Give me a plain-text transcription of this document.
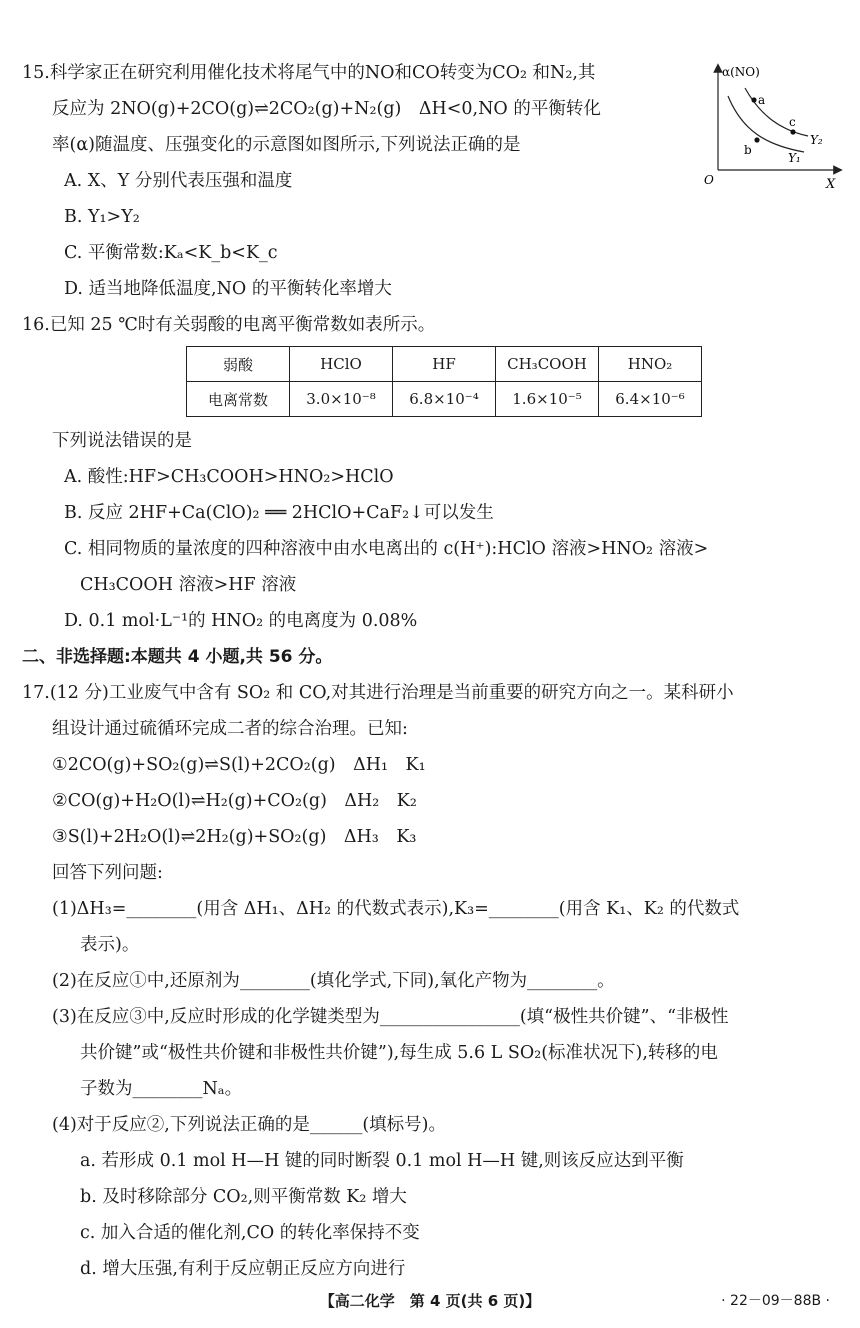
15.科学家正在研究利用催化技术将尾气中的NO和CO转变为CO₂ 和N₂,其
反应为 2NO(g)+2CO(g)⇌2CO₂(g)+N₂(g)　ΔH<0,NO 的平衡转化
率(α)随温度、压强变化的示意图如图所示,下列说法正确的是
A. X、Y 分别代表压强和温度
B. Y₁>Y₂
C. 平衡常数:Kₐ<K_b<K_c
D. 适当地降低温度,NO 的平衡转化率增大
α(NO)
X
O
a
b
c
Y₂
Y₁
16.已知 25 ℃时有关弱酸的电离平衡常数如表所示。
弱酸	HClO	HF	CH₃COOH	HNO₂
电离常数	3.0×10⁻⁸	6.8×10⁻⁴	1.6×10⁻⁵	6.4×10⁻⁶
下列说法错误的是
A. 酸性:HF>CH₃COOH>HNO₂>HClO
B. 反应 2HF+Ca(ClO)₂ ══ 2HClO+CaF₂↓可以发生
C. 相同物质的量浓度的四种溶液中由水电离出的 c(H⁺):HClO 溶液>HNO₂ 溶液>
CH₃COOH 溶液>HF 溶液
D. 0.1 mol·L⁻¹的 HNO₂ 的电离度为 0.08%
二、非选择题:本题共 4 小题,共 56 分。
17.(12 分)工业废气中含有 SO₂ 和 CO,对其进行治理是当前重要的研究方向之一。某科研小
组设计通过硫循环完成二者的综合治理。已知:
①2CO(g)+SO₂(g)⇌S(l)+2CO₂(g)　ΔH₁　K₁
②CO(g)+H₂O(l)⇌H₂(g)+CO₂(g)　ΔH₂　K₂
③S(l)+2H₂O(l)⇌2H₂(g)+SO₂(g)　ΔH₃　K₃
回答下列问题:
(1)ΔH₃=________(用含 ΔH₁、ΔH₂ 的代数式表示),K₃=________(用含 K₁、K₂ 的代数式
表示)。
(2)在反应①中,还原剂为________(填化学式,下同),氧化产物为________。
(3)在反应③中,反应时形成的化学键类型为________________(填“极性共价键”、“非极性
共价键”或“极性共价键和非极性共价键”),每生成 5.6 L SO₂(标准状况下),转移的电
子数为________Nₐ。
(4)对于反应②,下列说法正确的是______(填标号)。
a. 若形成 0.1 mol H—H 键的同时断裂 0.1 mol H—H 键,则该反应达到平衡
b. 及时移除部分 CO₂,则平衡常数 K₂ 增大
c. 加入合适的催化剂,CO 的转化率保持不变
d. 增大压强,有利于反应朝正反应方向进行
【高二化学　第 4 页(共 6 页)】	· 22－09－88B ·
